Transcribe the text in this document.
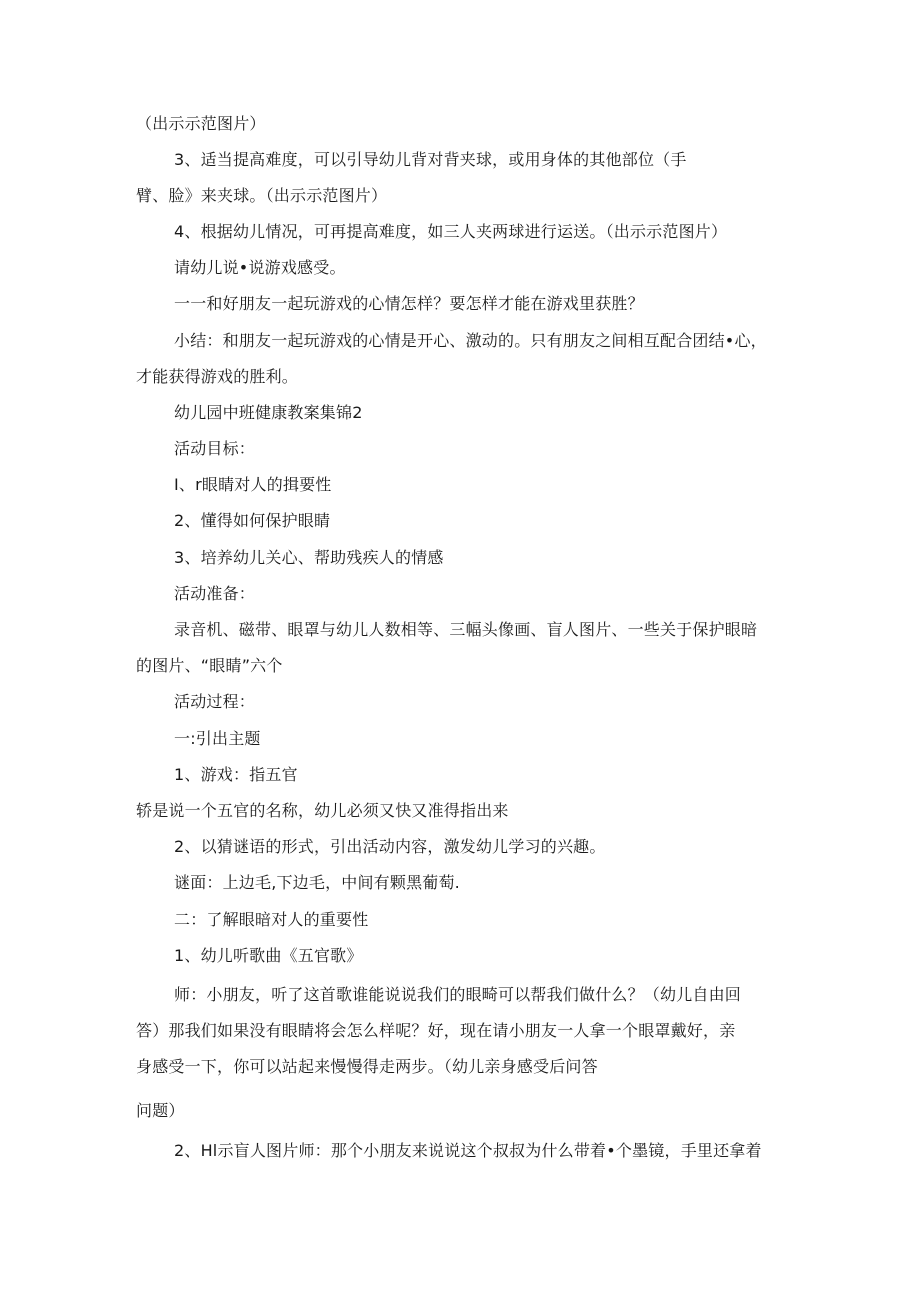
（出示示范图片）
3、适当提高难度，可以引导幼儿背对背夹球，或用身体的其他部位（手
臂、脸》来夹球。（出示示范图片）
4、根据幼儿情况，可再提高难度，如三人夹两球进行运送。（出示示范图片）
请幼儿说•说游戏感受。
一一和好朋友一起玩游戏的心情怎样？要怎样才能在游戏里获胜？
小结：和朋友一起玩游戏的心情是开心、激动的。只有朋友之间相互配合团结•心，
才能获得游戏的胜利。
幼儿园中班健康教案集锦2
活动目标：
I、r眼睛对人的揖要性
2、懂得如何保护眼睛
3、培养幼儿关心、帮助残疾人的情感
活动准备：
录音机、磁带、眼罩与幼儿人数相等、三幅头像画、盲人图片、一些关于保护眼暗
的图片、“眼睛”六个
活动过程：
一:引出主题
1、游戏：指五官
轿是说一个五官的名称，幼儿必须又快又准得指出来
2、以猜谜语的形式，引出活动内容，激发幼儿学习的兴趣。
谜面：上边毛,下边毛，中间有颗黑葡萄.
二：了解眼暗对人的重要性
1、幼儿听歌曲《五官歌》
师：小朋友，听了这首歌谁能说说我们的眼畸可以帮我们做什么？（幼儿自由回
答）那我们如果没有眼睛将会怎么样呢？好，现在请小朋友一人拿一个眼罩戴好，亲
身感受一下，你可以站起来慢慢得走两步。（幼儿亲身感受后问答
问题）
2、Hl示盲人图片师：那个小朋友来说说这个叔叔为什么带着•个墨镜，手里还拿着
